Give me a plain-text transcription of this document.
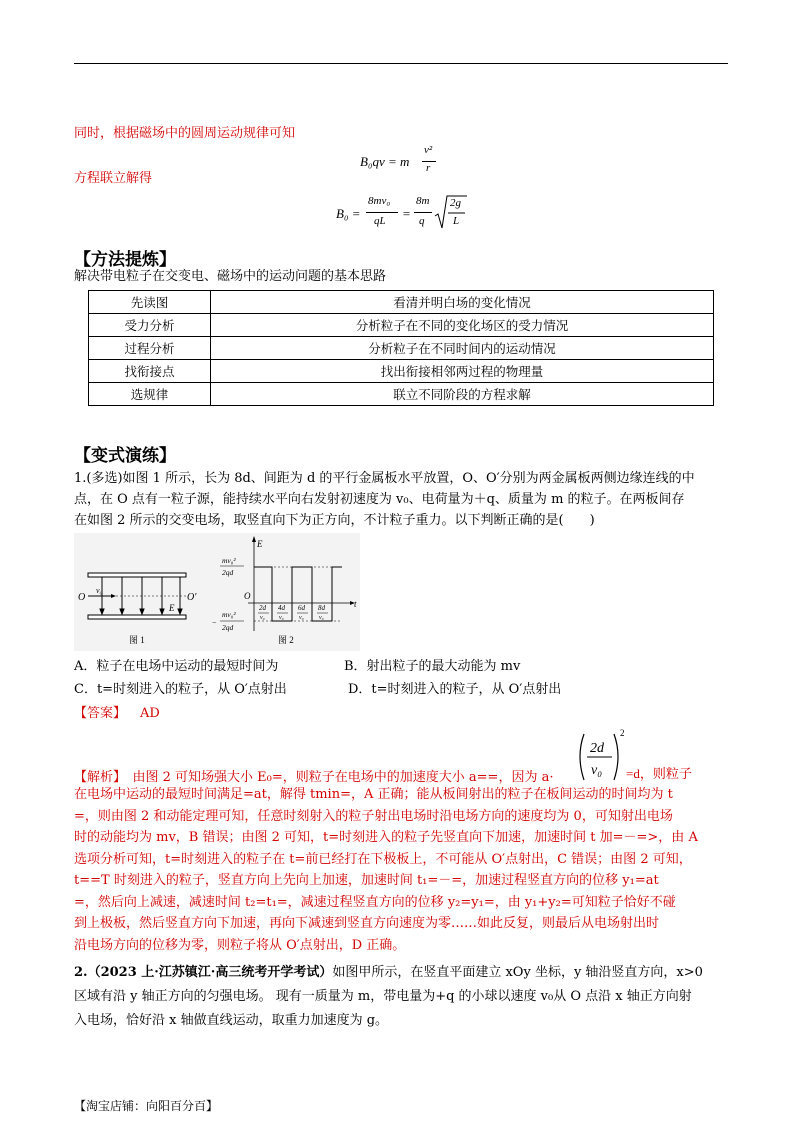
同时，根据磁场中的圆周运动规律可知
B₀qv = m
v²
r
方程联立解得
B₀ =
8mv₀
qL =
8m
q
2g
L
【方法提炼】
解决带电粒子在交变电、磁场中的运动问题的基本思路
先读图	看清并明白场的变化情况
受力分析	分析粒子在不同的变化场区的受力情况
过程分析	分析粒子在不同时间内的运动情况
找衔接点	找出衔接相邻两过程的物理量
选规律	联立不同阶段的方程求解
【变式演练】
1.(多选)如图 1 所示，长为 8d、间距为 d 的平行金属板水平放置，O、O′分别为两金属板两侧边缘连线的中
点，在 O 点有一粒子源，能持续水平向右发射初速度为 v₀、电荷量为＋q、质量为 m 的粒子。在两板间存
在如图 2 所示的交变电场，取竖直向下为正方向，不计粒子重力。以下判断正确的是(　　)
O	O′
v₀
E
图 1
E
t
O
mv₀²
2qd
−
mv₀²
2qd
2d
v₀
4d
v₀
6d
v₀
8d
v₀
图 2
A．粒子在电场中运动的最短时间为	B．射出粒子的最大动能为 mv
C．t=时刻进入的粒子，从 O′点射出	D．t=时刻进入的粒子，从 O′点射出
【答案】 AD
【解析】　由图 2 可知场强大小 E₀=，则粒子在电场中的加速度大小 a==，因为 a·
2d
v₀
2
=d，则粒子
在电场中运动的最短时间满足=at，解得 tmin=，A 正确；能从板间射出的粒子在板间运动的时间均为 t
=，则由图 2 和动能定理可知，任意时刻射入的粒子射出电场时沿电场方向的速度均为 0，可知射出电场
时的动能均为 mv，B 错误；由图 2 可知，t=时刻进入的粒子先竖直向下加速，加速时间 t 加=－=>，由 A
选项分析可知，t=时刻进入的粒子在 t=前已经打在下极板上，不可能从 O′点射出，C 错误；由图 2 可知，
t==T 时刻进入的粒子，竖直方向上先向上加速，加速时间 t₁=－=，加速过程竖直方向的位移 y₁=at
=，然后向上减速，减速时间 t₂=t₁=，减速过程竖直方向的位移 y₂=y₁=，由 y₁+y₂=可知粒子恰好不碰
到上极板，然后竖直方向下加速，再向下减速到竖直方向速度为零……如此反复，则最后从电场射出时
沿电场方向的位移为零，则粒子将从 O′点射出，D 正确。
2.（2023 上·江苏镇江·高三统考开学考试）如图甲所示，在竖直平面建立 xOy 坐标，y 轴沿竖直方向，x>0
区域有沿 y 轴正方向的匀强电场。 现有一质量为 m，带电量为+q 的小球以速度 v₀从 O 点沿 x 轴正方向射
入电场，恰好沿 x 轴做直线运动，取重力加速度为 g。
【淘宝店铺：向阳百分百】
